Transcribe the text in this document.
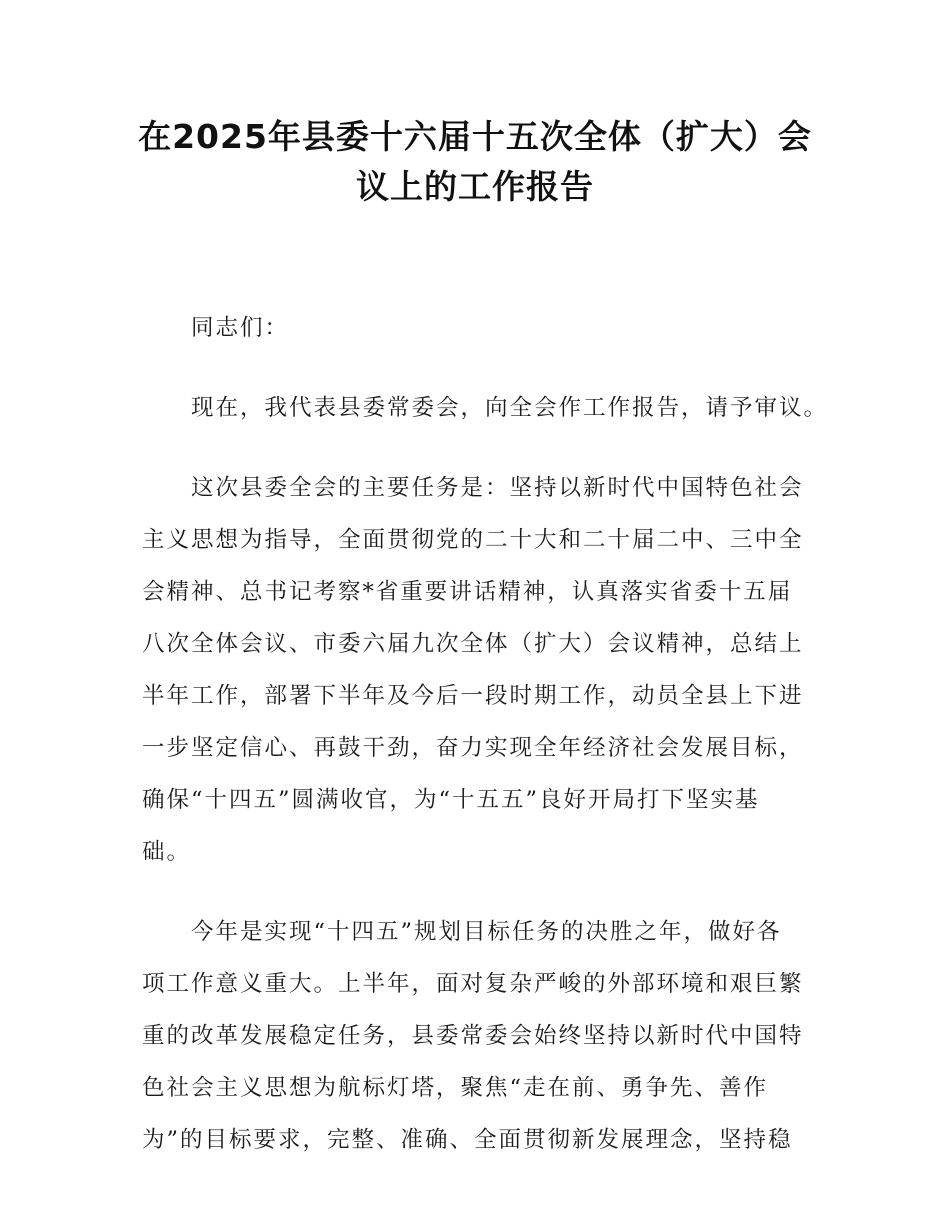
在2025年县委十六届十五次全体（扩大）会
议上的工作报告
同志们：
现在，我代表县委常委会，向全会作工作报告，请予审议。
这次县委全会的主要任务是：坚持以新时代中国特色社会
主义思想为指导，全面贯彻党的二十大和二十届二中、三中全
会精神、总书记考察*省重要讲话精神，认真落实省委十五届
八次全体会议、市委六届九次全体（扩大）会议精神，总结上
半年工作，部署下半年及今后一段时期工作，动员全县上下进
一步坚定信心、再鼓干劲，奋力实现全年经济社会发展目标，
确保“十四五”圆满收官，为“十五五”良好开局打下坚实基
础。
今年是实现“十四五”规划目标任务的决胜之年，做好各
项工作意义重大。上半年，面对复杂严峻的外部环境和艰巨繁
重的改革发展稳定任务，县委常委会始终坚持以新时代中国特
色社会主义思想为航标灯塔，聚焦“走在前、勇争先、善作
为”的目标要求，完整、准确、全面贯彻新发展理念，坚持稳
